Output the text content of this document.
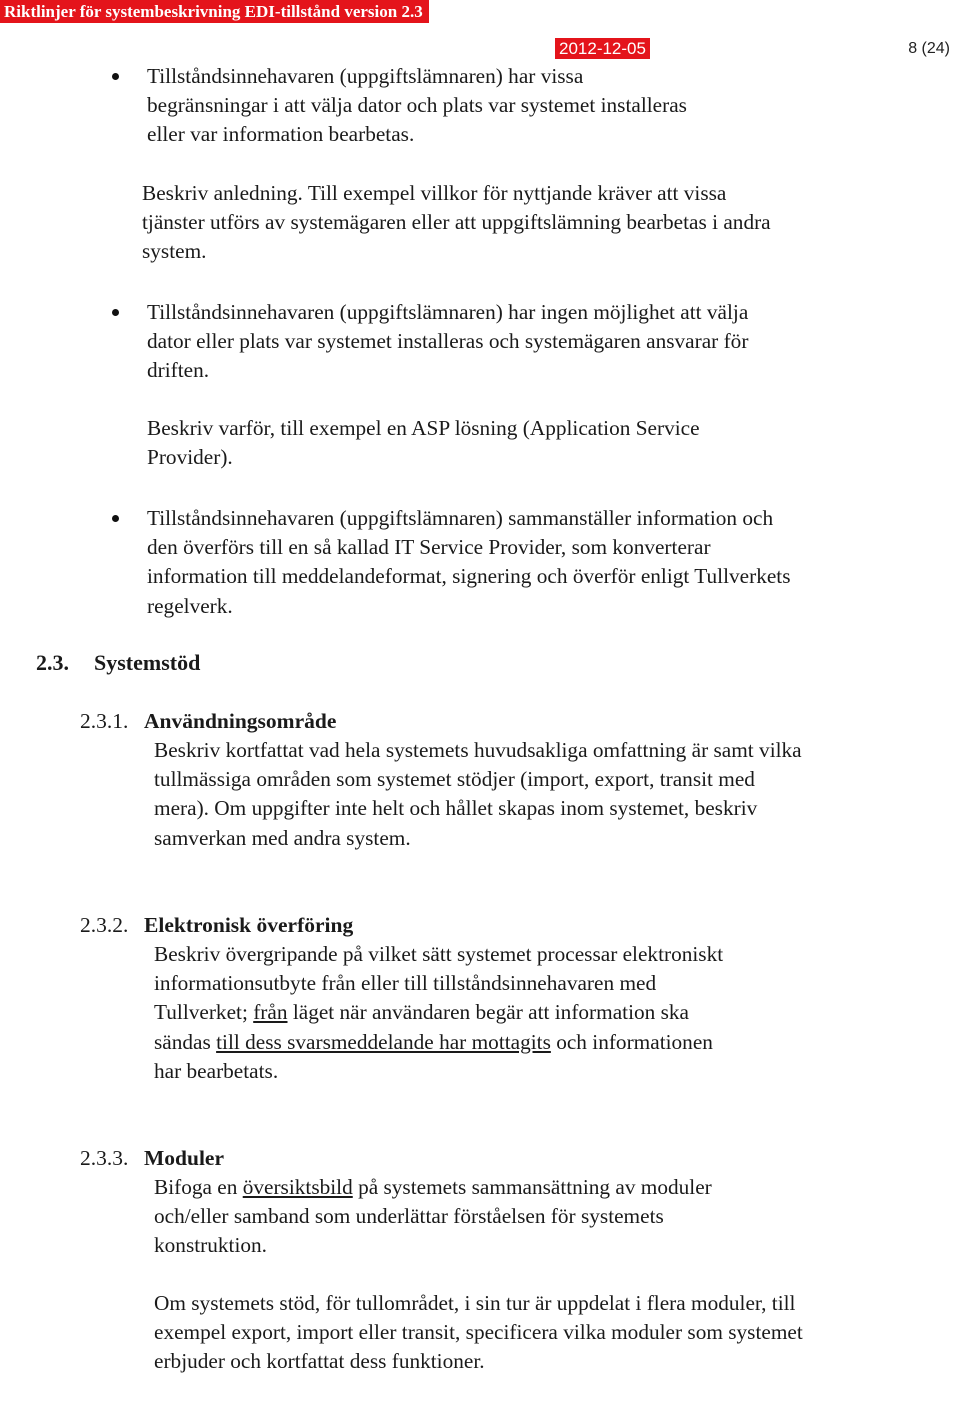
Riktlinjer för systembeskrivning EDI-tillstånd version 2.3
2012-12-05	8 (24)

Tillståndsinnehavaren (uppgiftslämnaren) har vissa begränsningar i att välja dator och plats var systemet installeras eller var information bearbetas.

Beskriv anledning. Till exempel villkor för nyttjande kräver att vissa tjänster utförs av systemägaren eller att uppgiftslämning bearbetas i andra system.

Tillståndsinnehavaren (uppgiftslämnaren) har ingen möjlighet att välja dator eller plats var systemet installeras och systemägaren ansvarar för driften.

Beskriv varför, till exempel en ASP lösning (Application Service Provider).

Tillståndsinnehavaren (uppgiftslämnaren) sammanställer information och den överförs till en så kallad IT Service Provider, som konverterar information till meddelandeformat, signering och överför enligt Tullverkets regelverk.

2.3. Systemstöd
2.3.1. Användningsområde

Beskriv kortfattat vad hela systemets huvudsakliga omfattning är samt vilka tullmässiga områden som systemet stödjer (import, export, transit med mera). Om uppgifter inte helt och hållet skapas inom systemet, beskriv samverkan med andra system.

2.3.2. Elektronisk överföring

Beskriv övergripande på vilket sätt systemet processar elektroniskt informationsutbyte från eller till tillståndsinnehavaren med Tullverket; från läget när användaren begär att information ska sändas till dess svarsmeddelande har mottagits och informationen har bearbetats.

2.3.3. Moduler

Bifoga en översiktsbild på systemets sammansättning av moduler och/eller samband som underlättar förståelsen för systemets konstruktion.

Om systemets stöd, för tullområdet, i sin tur är uppdelat i flera moduler, till exempel export, import eller transit, specificera vilka moduler som systemet erbjuder och kortfattat dess funktioner.
